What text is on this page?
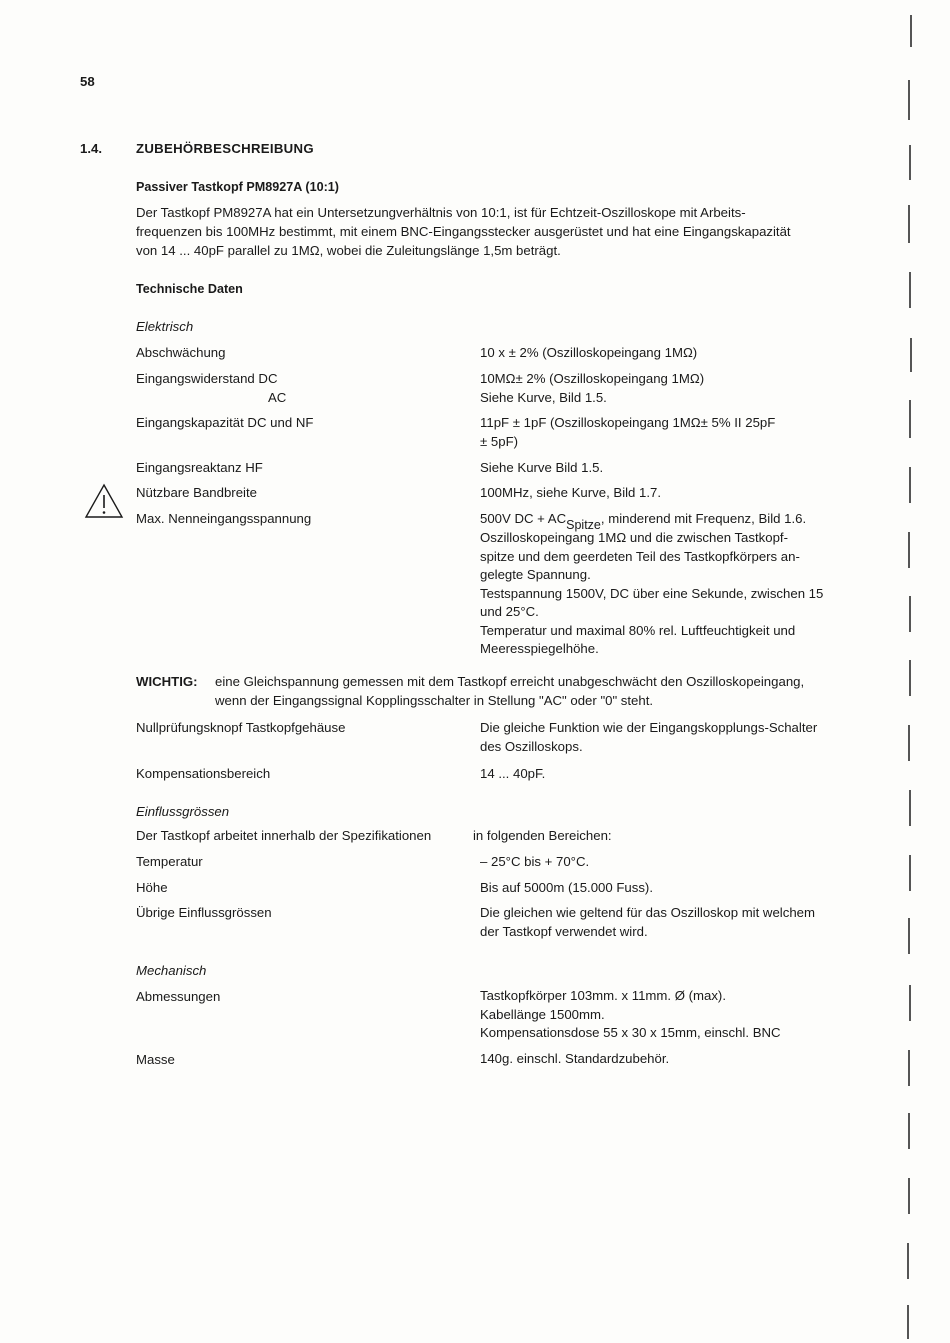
58
1.4.	ZUBEHÖRBESCHREIBUNG
Passiver Tastkopf PM8927A (10:1)
Der Tastkopf PM8927A hat ein Untersetzungverhältnis von 10:1, ist für Echtzeit-Oszilloskope mit Arbeits-
frequenzen bis 100MHz bestimmt, mit einem BNC-Eingangsstecker ausgerüstet und hat eine Eingangskapazität
von 14 ... 40pF parallel zu 1MΩ, wobei die Zuleitungslänge 1,5m beträgt.
Technische Daten
Elektrisch
Abschwächung	10 x ± 2% (Oszilloskopeingang 1MΩ)
Eingangswiderstand DC	10MΩ± 2% (Oszilloskopeingang 1MΩ)
AC	Siehe Kurve, Bild 1.5.
Eingangskapazität DC und NF	11pF ± 1pF (Oszilloskopeingang 1MΩ± 5% II 25pF
± 5pF)
Eingangsreaktanz HF	Siehe Kurve Bild 1.5.
Nützbare Bandbreite	100MHz, siehe Kurve, Bild 1.7.
Max. Nenneingangsspannung	500V DC + $AC_{Spitze}$, minderend mit Frequenz, Bild 1.6.
Oszilloskopeingang 1MΩ und die zwischen Tastkopf-
spitze und dem geerdeten Teil des Tastkopfkörpers an-
gelegte Spannung.
Testspannung 1500V, DC über eine Sekunde, zwischen 15
und 25°C.
Temperatur und maximal 80% rel. Luftfeuchtigkeit und
Meeresspiegelhöhe.
WICHTIG: eine Gleichspannung gemessen mit dem Tastkopf erreicht unabgeschwächt den Oszilloskopeingang,
wenn der Eingangssignal Kopplingsschalter in Stellung "AC" oder "0" steht.
Nullprüfungsknopf Tastkopfgehäuse	Die gleiche Funktion wie der Eingangskopplungs-Schalter
des Oszilloskops.
Kompensationsbereich	14 ... 40pF.
Einflussgrössen
Der Tastkopf arbeitet innerhalb der Spezifikationen	in folgenden Bereichen:
Temperatur	– 25°C bis + 70°C.
Höhe	Bis auf 5000m (15.000 Fuss).
Übrige Einflussgrössen	Die gleichen wie geltend für das Oszilloskop mit welchem
der Tastkopf verwendet wird.
Mechanisch
Abmessungen	Tastkopfkörper 103mm. x 11mm. Ø (max).
Kabellänge 1500mm.
Kompensationsdose 55 x 30 x 15mm, einschl. BNC
Masse	140g. einschl. Standardzubehör.
